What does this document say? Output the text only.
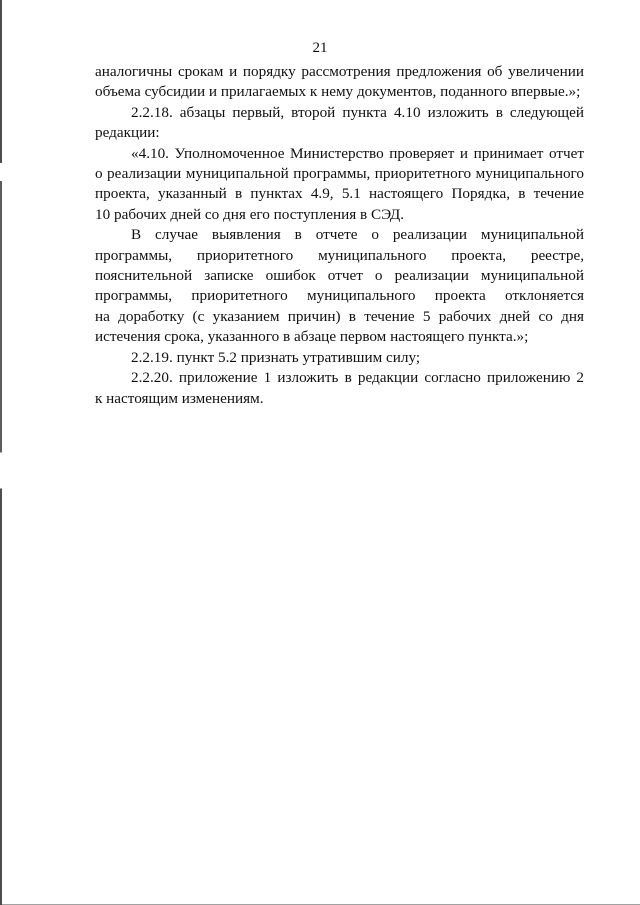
21
аналогичны срокам и порядку рассмотрения предложения об увеличении
объема субсидии и прилагаемых к нему документов, поданного впервые.»;
2.2.18. абзацы первый, второй пункта 4.10 изложить в следующей
редакции:
«4.10. Уполномоченное Министерство проверяет и принимает отчет
о реализации муниципальной программы, приоритетного муниципального
проекта, указанный в пунктах 4.9, 5.1 настоящего Порядка, в течение
10 рабочих дней со дня его поступления в СЭД.
В случае выявления в отчете о реализации муниципальной
программы, приоритетного муниципального проекта, реестре,
пояснительной записке ошибок отчет о реализации муниципальной
программы, приоритетного муниципального проекта отклоняется
на доработку (с указанием причин) в течение 5 рабочих дней со дня
истечения срока, указанного в абзаце первом настоящего пункта.»;
2.2.19. пункт 5.2 признать утратившим силу;
2.2.20. приложение 1 изложить в редакции согласно приложению 2
к настоящим изменениям.
